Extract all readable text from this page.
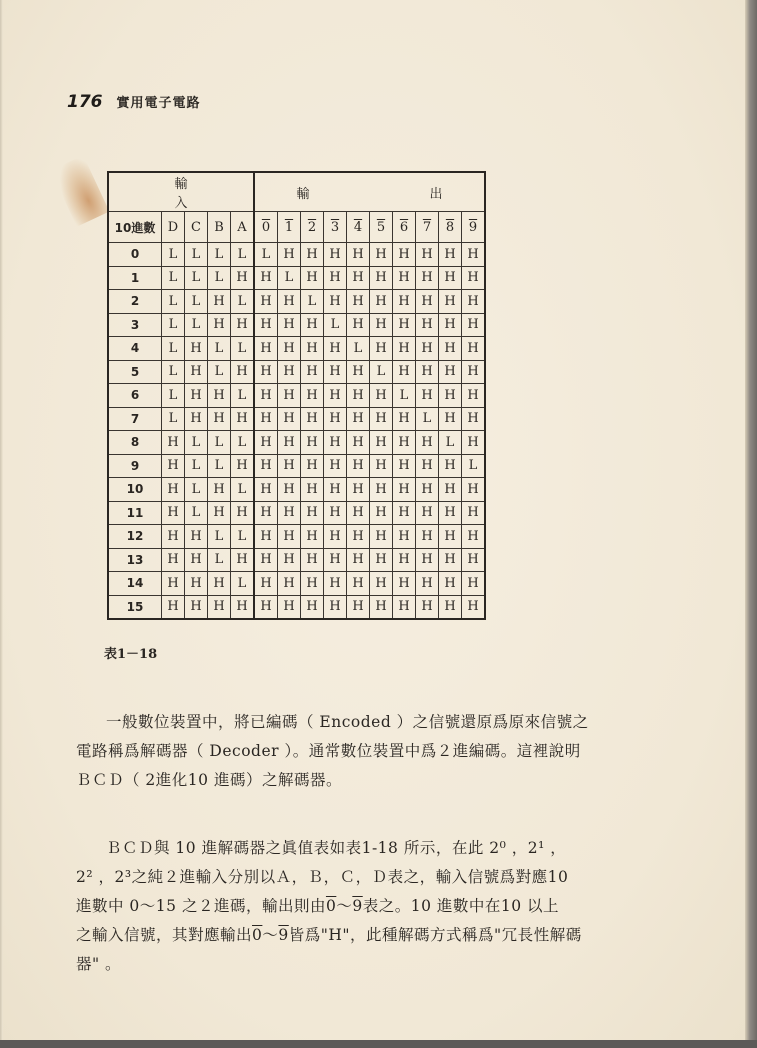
176 實用電子電路
輸入					輸 出									
10進數	D	C	B	A	0	1	2	3	4	5	6	7	8	9
0	L	L	L	L	L	H	H	H	H	H	H	H	H	H
1	L	L	L	H	H	L	H	H	H	H	H	H	H	H
2	L	L	H	L	H	H	L	H	H	H	H	H	H	H
3	L	L	H	H	H	H	H	L	H	H	H	H	H	H
4	L	H	L	L	H	H	H	H	L	H	H	H	H	H
5	L	H	L	H	H	H	H	H	H	L	H	H	H	H
6	L	H	H	L	H	H	H	H	H	H	L	H	H	H
7	L	H	H	H	H	H	H	H	H	H	H	L	H	H
8	H	L	L	L	H	H	H	H	H	H	H	H	L	H
9	H	L	L	H	H	H	H	H	H	H	H	H	H	L
10	H	L	H	L	H	H	H	H	H	H	H	H	H	H
11	H	L	H	H	H	H	H	H	H	H	H	H	H	H
12	H	H	L	L	H	H	H	H	H	H	H	H	H	H
13	H	H	L	H	H	H	H	H	H	H	H	H	H	H
14	H	H	H	L	H	H	H	H	H	H	H	H	H	H
15	H	H	H	H	H	H	H	H	H	H	H	H	H	H
表1－18

一般數位裝置中，將已編碼（ Encoded ）之信號還原爲原來信號之

電路稱爲解碼器（ Decoder ）。通常數位裝置中爲２進編碼。這裡說明

ＢＣＤ（ 2進化10 進碼）之解碼器。

ＢＣＤ與 10 進解碼器之眞值表如表1-18 所示，在此 2⁰ ，2¹ ，

2² ，2³之純２進輸入分別以Ａ，Ｂ，Ｃ，Ｄ表之，輸入信號爲對應10

進數中 0～15 之２進碼，輸出則由0～9表之。10 進數中在10 以上

之輸入信號，其對應輸出0～9皆爲"H"，此種解碼方式稱爲"冗長性解碼

器" 。
